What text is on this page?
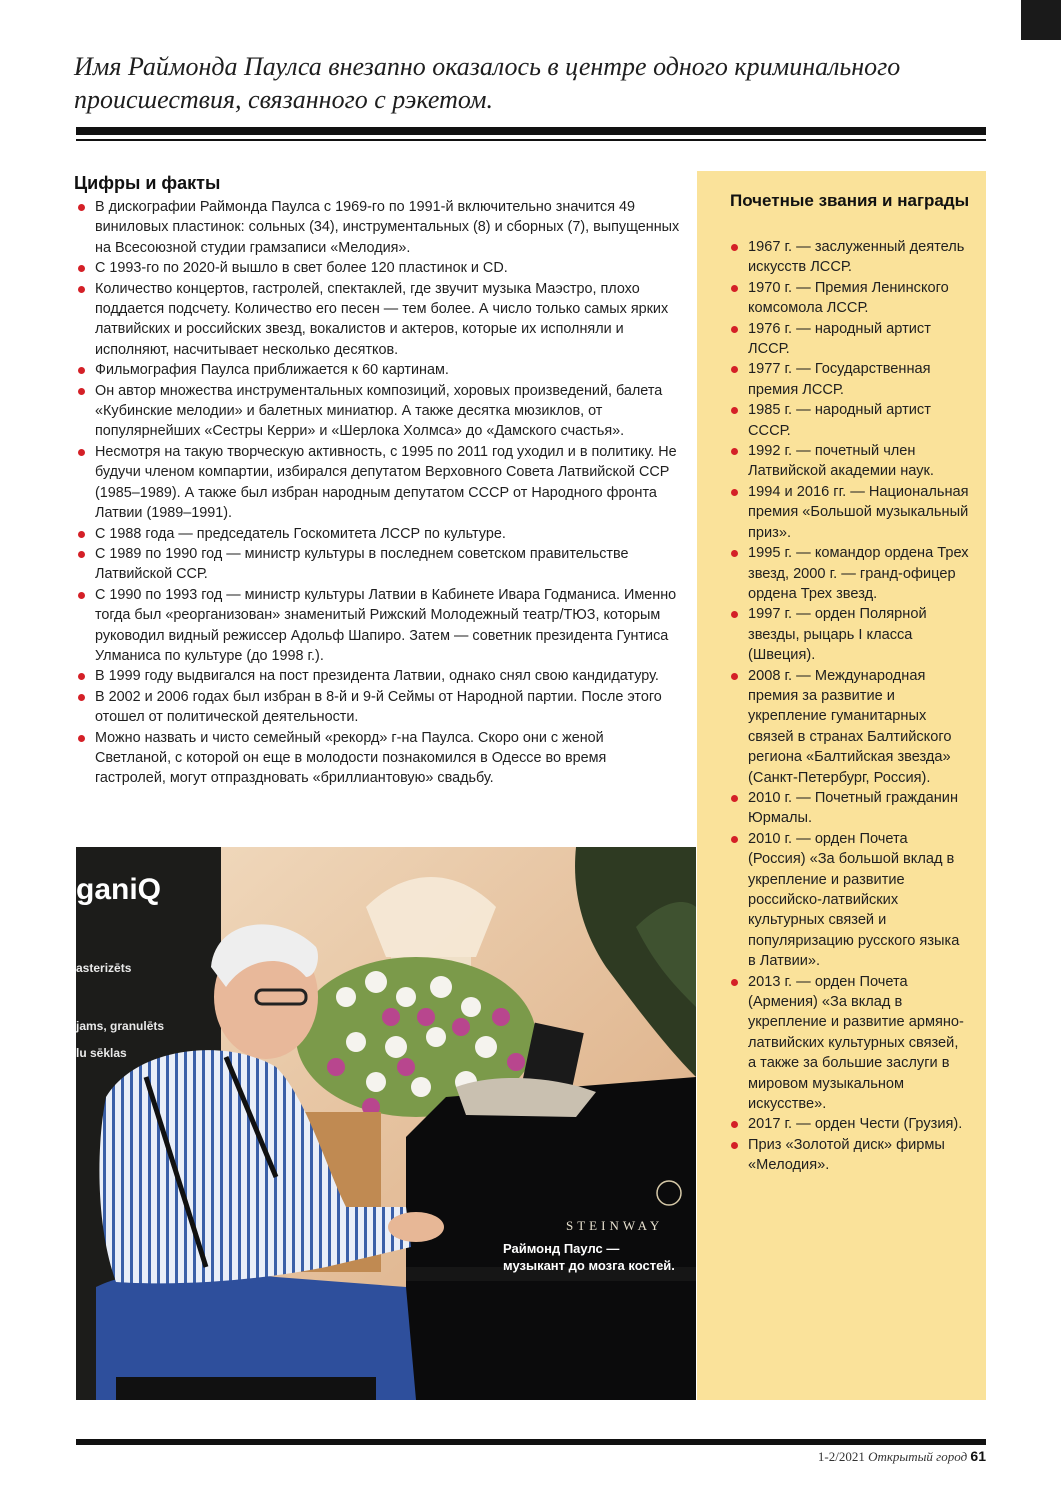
Имя Раймонда Паулса внезапно оказалось в центре одного криминального происшествия, связанного с рэкетом.

Цифры и факты
В дискографии Раймонда Паулса с 1969-го по 1991-й включительно значится 49 виниловых пластинок: сольных (34), инструментальных (8) и сборных (7), выпущенных на Всесоюзной студии грамзаписи «Мелодия».
С 1993-го по 2020-й вышло в свет более 120 пластинок и CD.
Количество концертов, гастролей, спектаклей, где звучит музыка Маэстро, плохо поддается подсчету. Количество его песен — тем более. А число только самых ярких латвийских и российских звезд, вокалистов и актеров, которые их исполняли и исполняют, насчитывает несколько десятков.
Фильмография Паулса приближается к 60 картинам.
Он автор множества инструментальных композиций, хоровых произведений, балета «Кубинские мелодии» и балетных миниатюр. А также десятка мюзиклов, от популярнейших «Сестры Керри» и «Шерлока Холмса» до «Дамского счастья».
Несмотря на такую творческую активность, с 1995 по 2011 год уходил и в политику. Не будучи членом компартии, избирался депутатом Верховного Совета Латвийской ССР (1985–1989). А также был избран народным депутатом СССР от Народного фронта Латвии (1989–1991).
С 1988 года — председатель Госкомитета ЛССР по культуре.
С 1989 по 1990 год — министр культуры в последнем советском правительстве Латвийской ССР.
С 1990 по 1993 год — министр культуры Латвии в Кабинете Ивара Годманиса. Именно тогда был «реорганизован» знаменитый Рижский Молодежный театр/ТЮЗ, которым руководил видный режиссер Адольф Шапиро. Затем — советник президента Гунтиса Улманиса по культуре (до 1998 г.).
В 1999 году выдвигался на пост президента Латвии, однако снял свою кандидатуру.
В 2002 и 2006 годах был избран в 8-й и 9-й Сеймы от Народной партии. После этого отошел от политической деятельности.
Можно назвать и чисто семейный «рекорд» г-на Паулса. Скоро они с женой Светланой, с которой он еще в молодости познакомился в Одессе во время гастролей, могут отпраздновать «бриллиантовую» свадьбу.
Почетные звания и награды
1967 г. — заслуженный деятель искусств ЛССР.
1970 г. — Премия Ленинского комсомола ЛССР.
1976 г. — народный артист ЛССР.
1977 г. — Государственная премия ЛССР.
1985 г. — народный артист СССР.
1992 г. — почетный член Латвийской академии наук.
1994 и 2016 гг. — Национальная премия «Большой музыкальный приз».
1995 г. — командор ордена Трех звезд, 2000 г. — гранд-офицер ордена Трех звезд.
1997 г. — орден Полярной звезды, рыцарь I класса (Швеция).
2008 г. — Международная премия за развитие и укрепление гуманитарных связей в странах Балтийского региона «Балтийская звезда» (Санкт-Петербург, Россия).
2010 г. — Почетный гражданин Юрмалы.
2010 г. — орден Почета (Россия) «За большой вклад в укрепление и развитие российско-латвийских культурных связей и популяризацию русского языка в Латвии».
2013 г. — орден Почета (Армения) «За вклад в укрепление и развитие армяно-латвийских культурных связей, а также за большие заслуги в мировом музыкальном искусстве».
2017 г. — орден Чести (Грузия).
Приз «Золотой диск» фирмы «Мелодия».
ganiQ
asterizēts
jams, granulēts
lu sēklas
STEINWAY
Раймонд Паулс — музыкант до мозга костей.
1-2/2021 Открытый город 61
